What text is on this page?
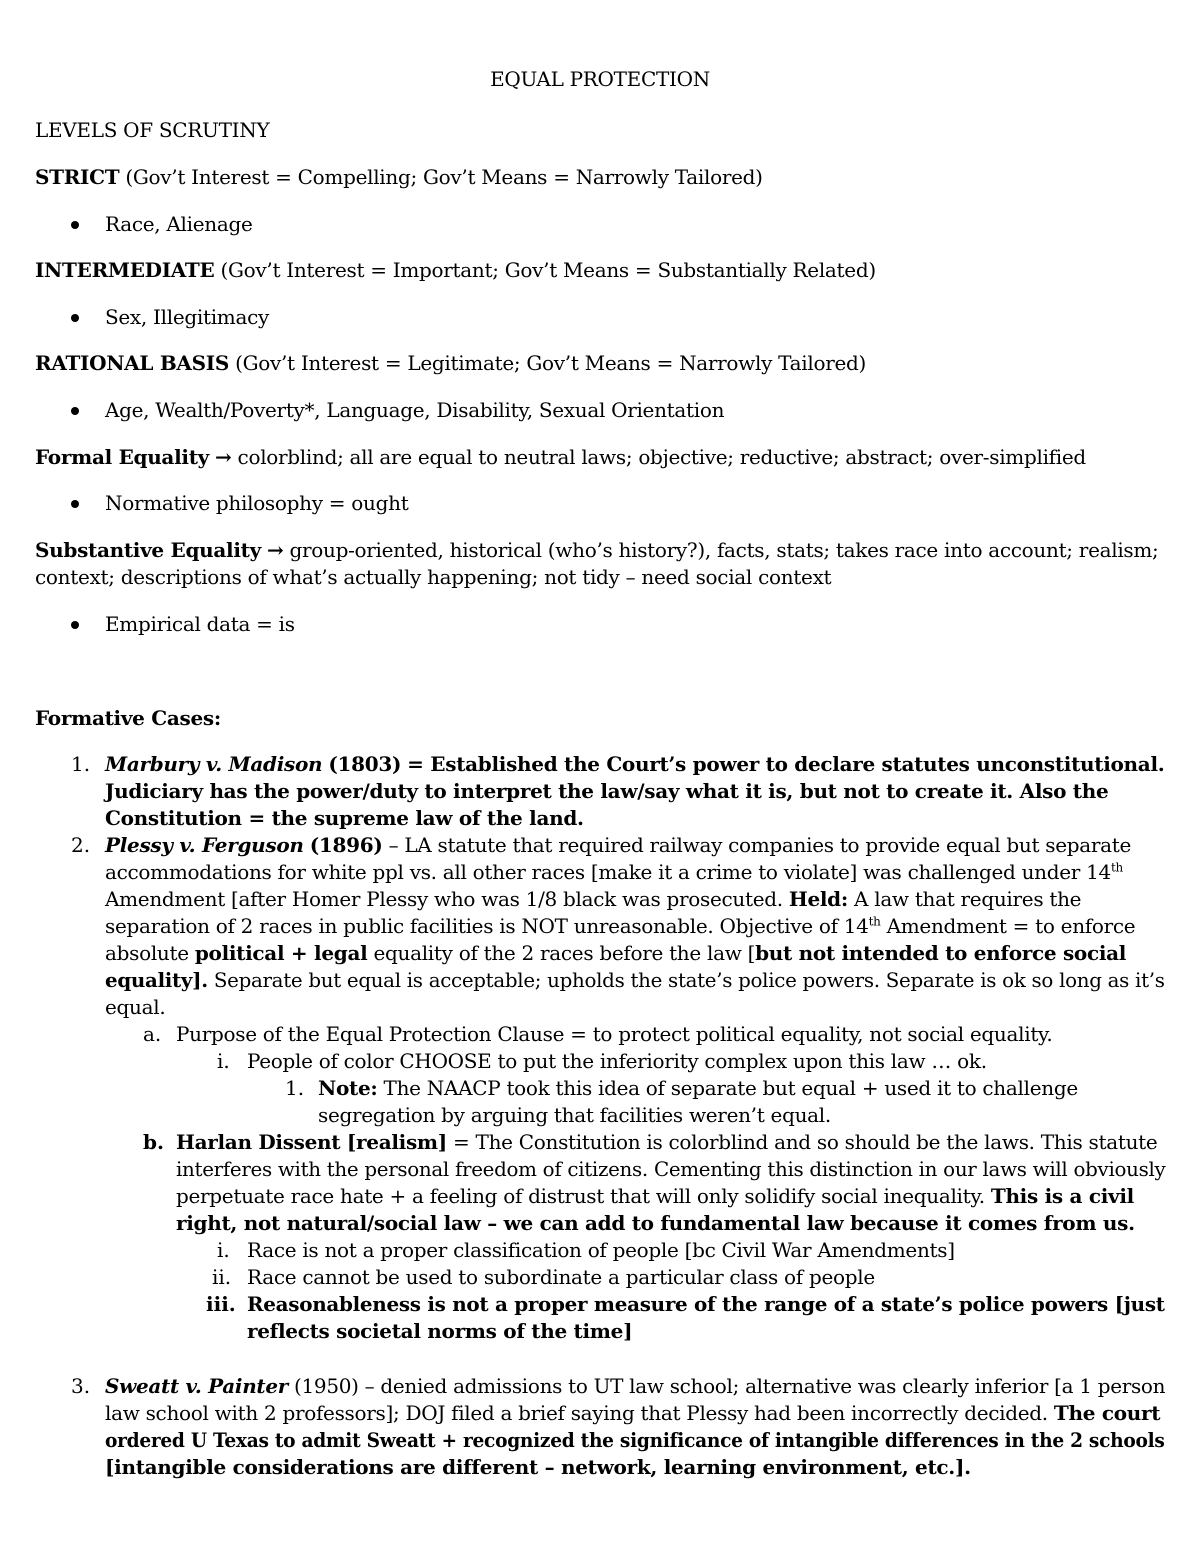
EQUAL PROTECTION
LEVELS OF SCRUTINY
STRICT (Gov’t Interest = Compelling; Gov’t Means = Narrowly Tailored)
Race, Alienage
INTERMEDIATE (Gov’t Interest = Important; Gov’t Means = Substantially Related)
Sex, Illegitimacy
RATIONAL BASIS (Gov’t Interest = Legitimate; Gov’t Means = Narrowly Tailored)
Age, Wealth/Poverty*, Language, Disability, Sexual Orientation
Formal Equality → colorblind; all are equal to neutral laws; objective; reductive; abstract; over-simplified
Normative philosophy = ought
Substantive Equality → group-oriented, historical (who’s history?), facts, stats; takes race into account; realism;
context; descriptions of what’s actually happening; not tidy – need social context
Empirical data = is
Formative Cases:
1. Marbury v. Madison (1803) = Established the Court’s power to declare statutes unconstitutional.
Judiciary has the power/duty to interpret the law/say what it is, but not to create it. Also the
Constitution = the supreme law of the land.
2. Plessy v. Ferguson (1896) – LA statute that required railway companies to provide equal but separate
accommodations for white ppl vs. all other races [make it a crime to violate] was challenged under 14th
Amendment [after Homer Plessy who was 1/8 black was prosecuted. Held: A law that requires the
separation of 2 races in public facilities is NOT unreasonable. Objective of 14th Amendment = to enforce
absolute political + legal equality of the 2 races before the law [but not intended to enforce social
equality]. Separate but equal is acceptable; upholds the state’s police powers. Separate is ok so long as it’s
equal.
a. Purpose of the Equal Protection Clause = to protect political equality, not social equality.
i. People of color CHOOSE to put the inferiority complex upon this law … ok.
1. Note: The NAACP took this idea of separate but equal + used it to challenge
segregation by arguing that facilities weren’t equal.
b. Harlan Dissent [realism] = The Constitution is colorblind and so should be the laws. This statute
interferes with the personal freedom of citizens. Cementing this distinction in our laws will obviously
perpetuate race hate + a feeling of distrust that will only solidify social inequality. This is a civil
right, not natural/social law – we can add to fundamental law because it comes from us.
i. Race is not a proper classification of people [bc Civil War Amendments]
ii. Race cannot be used to subordinate a particular class of people
iii. Reasonableness is not a proper measure of the range of a state’s police powers [just
reflects societal norms of the time]
3. Sweatt v. Painter (1950) – denied admissions to UT law school; alternative was clearly inferior [a 1 person
law school with 2 professors]; DOJ filed a brief saying that Plessy had been incorrectly decided. The court
ordered U Texas to admit Sweatt + recognized the significance of intangible differences in the 2 schools
[intangible considerations are different – network, learning environment, etc.].
